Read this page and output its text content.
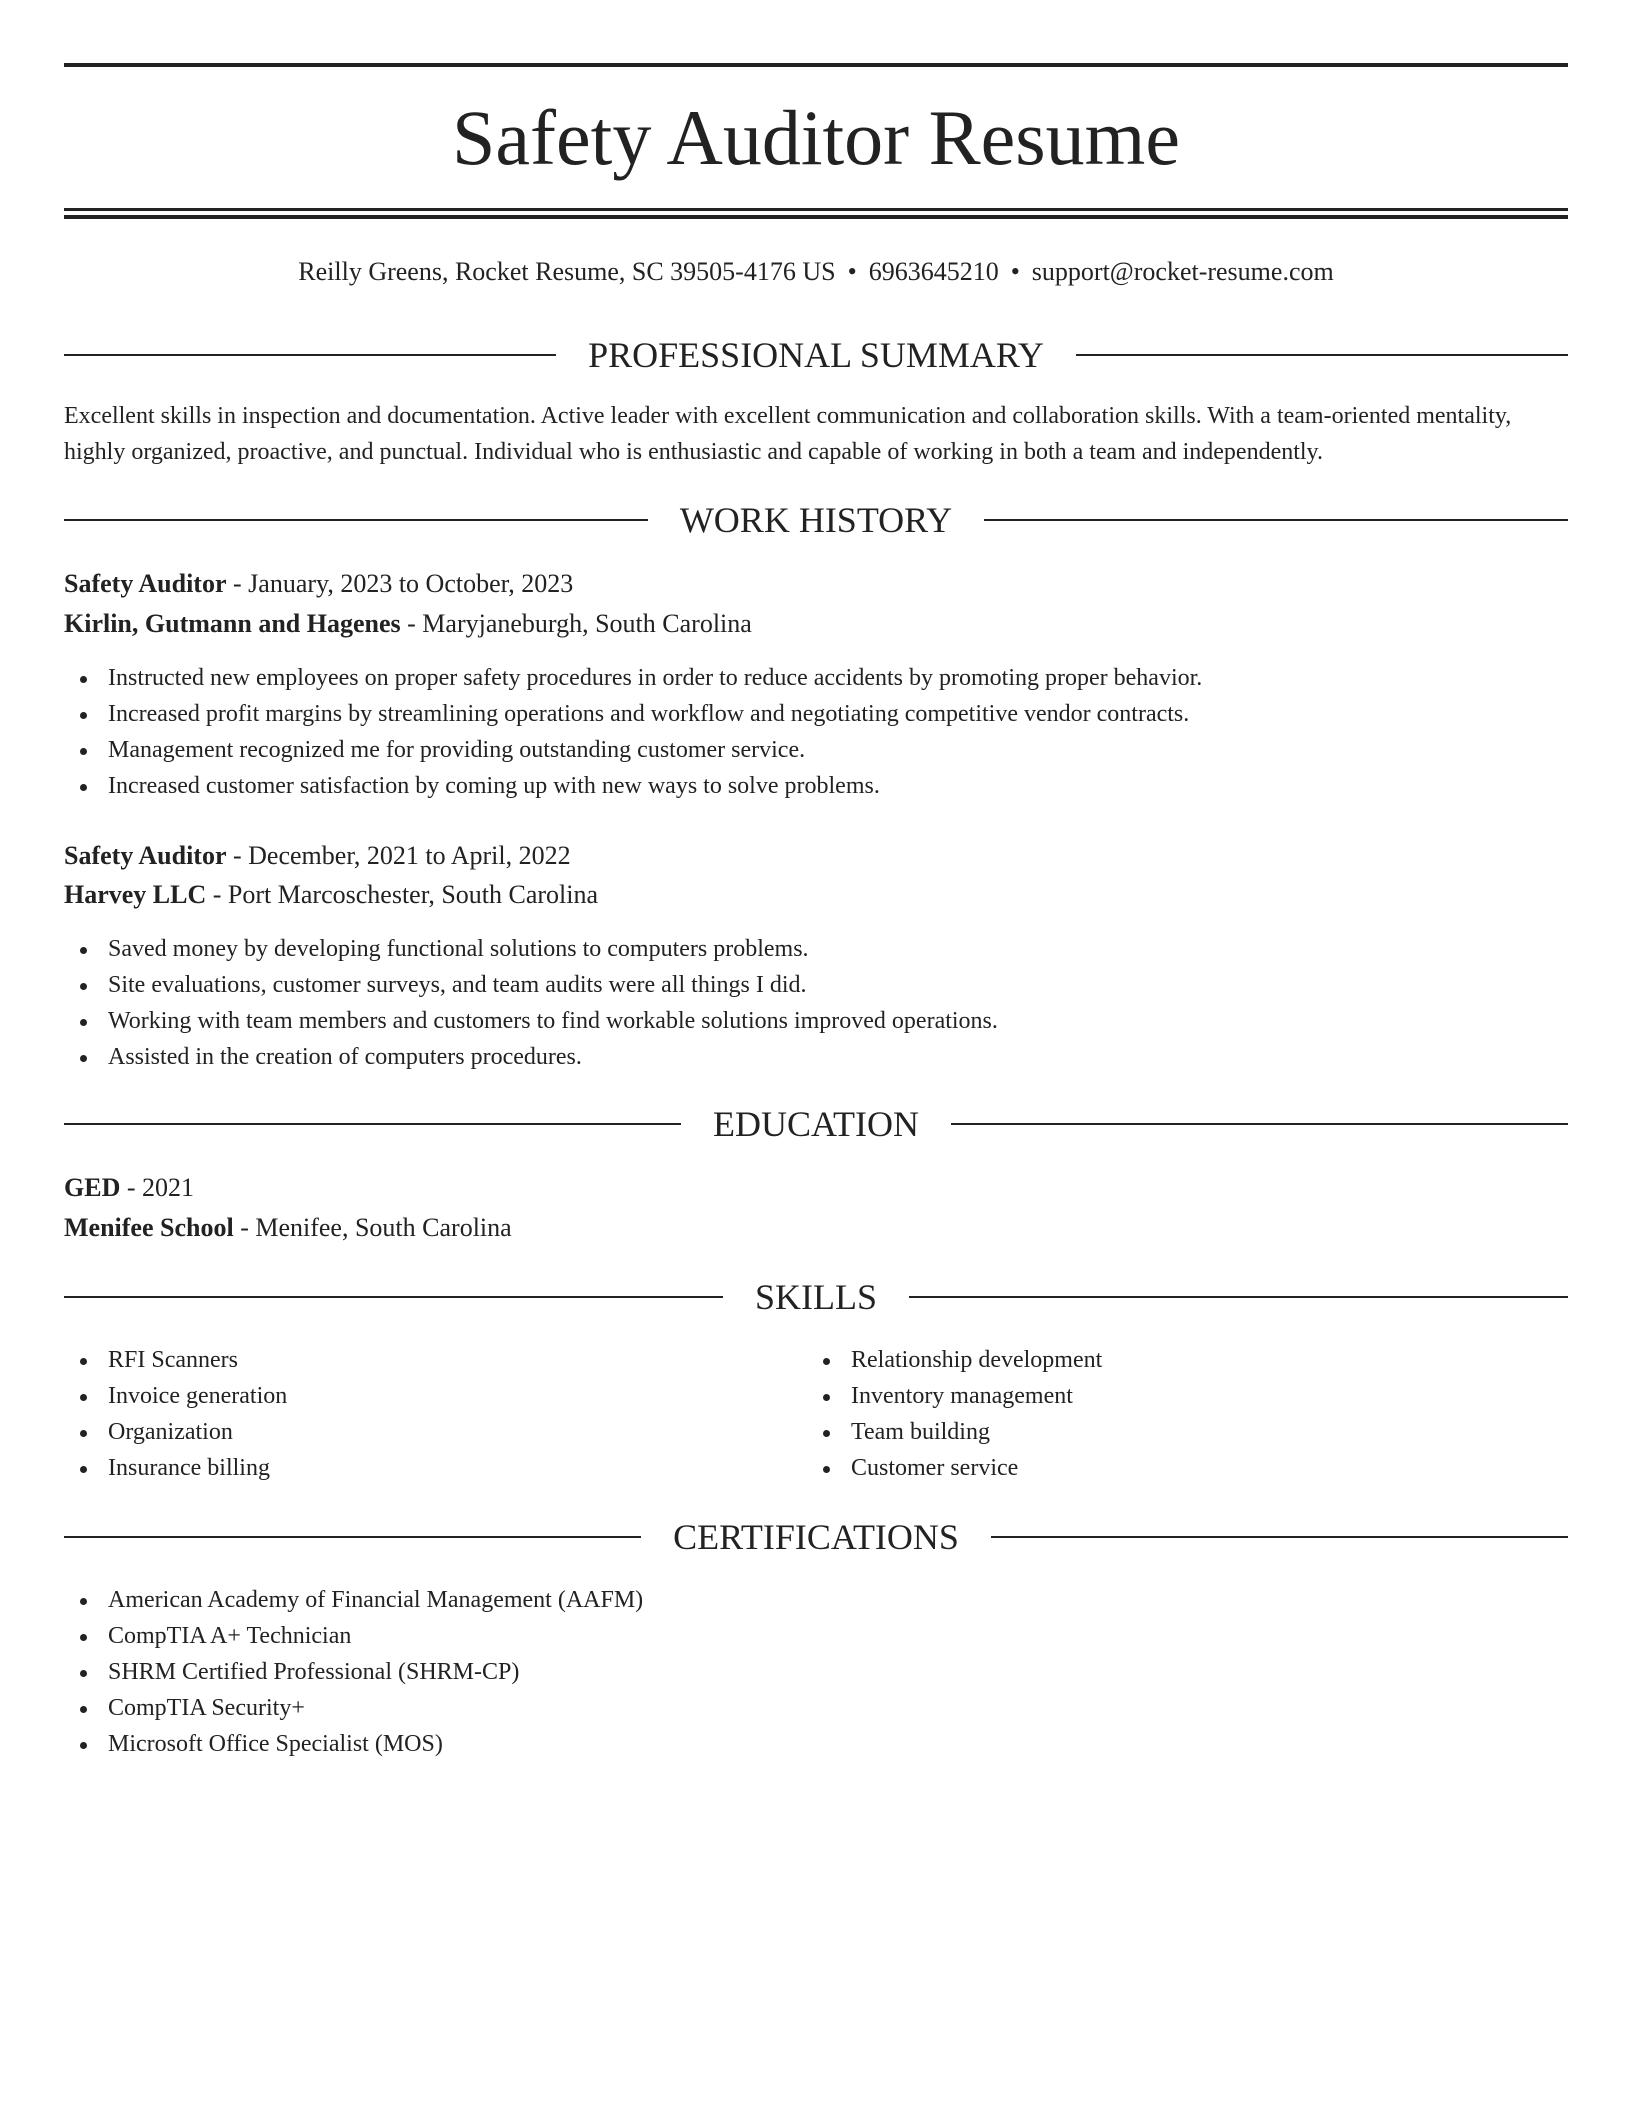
Safety Auditor Resume
Reilly Greens, Rocket Resume, SC 39505-4176 US • 6963645210 • support@rocket-resume.com
PROFESSIONAL SUMMARY

Excellent skills in inspection and documentation. Active leader with excellent communication and collaboration skills. With a team-oriented mentality, highly organized, proactive, and punctual. Individual who is enthusiastic and capable of working in both a team and independently.

WORK HISTORY
Safety Auditor - January, 2023 to October, 2023
Kirlin, Gutmann and Hagenes - Maryjaneburgh, South Carolina
Instructed new employees on proper safety procedures in order to reduce accidents by promoting proper behavior.
Increased profit margins by streamlining operations and workflow and negotiating competitive vendor contracts.
Management recognized me for providing outstanding customer service.
Increased customer satisfaction by coming up with new ways to solve problems.
Safety Auditor - December, 2021 to April, 2022
Harvey LLC - Port Marcoschester, South Carolina
Saved money by developing functional solutions to computers problems.
Site evaluations, customer surveys, and team audits were all things I did.
Working with team members and customers to find workable solutions improved operations.
Assisted in the creation of computers procedures.
EDUCATION
GED - 2021
Menifee School - Menifee, South Carolina
SKILLS
RFI Scanners
Invoice generation
Organization
Insurance billing
Relationship development
Inventory management
Team building
Customer service
CERTIFICATIONS
American Academy of Financial Management (AAFM)
CompTIA A+ Technician
SHRM Certified Professional (SHRM-CP)
CompTIA Security+
Microsoft Office Specialist (MOS)
